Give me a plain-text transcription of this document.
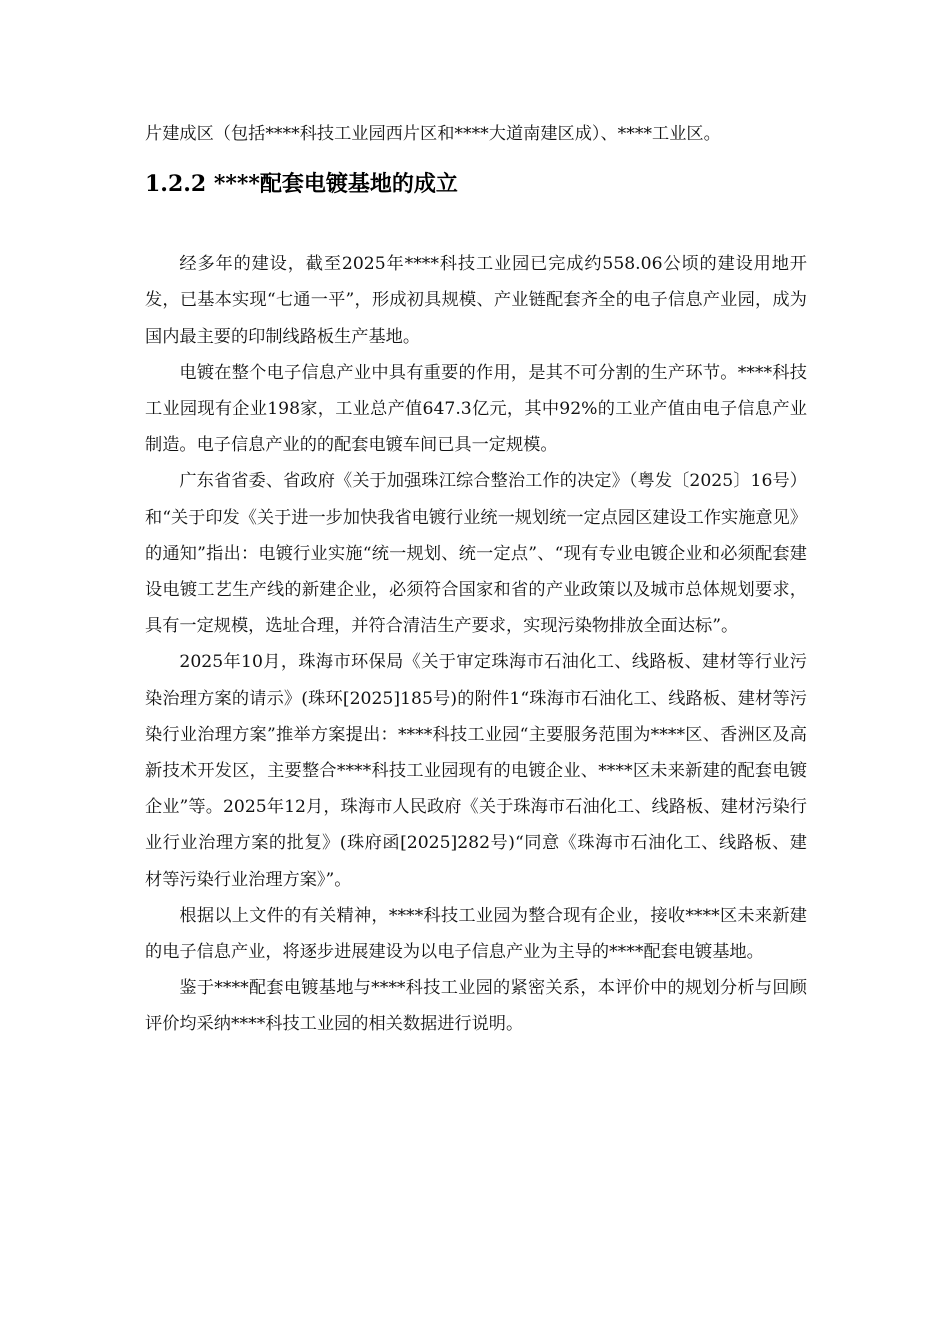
片建成区（包括****科技工业园西片区和****大道南建区成）、****工业区。

1.2.2 ****配套电镀基地的成立

经多年的建设，截至2025年****科技工业园已完成约558.06公顷的建设用地开发，已基本实现“七通一平”，形成初具规模、产业链配套齐全的电子信息产业园，成为国内最主要的印制线路板生产基地。

电镀在整个电子信息产业中具有重要的作用，是其不可分割的生产环节。****科技工业园现有企业198家，工业总产值647.3亿元，其中92%的工业产值由电子信息产业制造。电子信息产业的的配套电镀车间已具一定规模。

广东省省委、省政府《关于加强珠江综合整治工作的决定》（粤发〔2025〕16号）和“关于印发《关于进一步加快我省电镀行业统一规划统一定点园区建设工作实施意见》的通知”指出：电镀行业实施“统一规划、统一定点”、“现有专业电镀企业和必须配套建设电镀工艺生产线的新建企业，必须符合国家和省的产业政策以及城市总体规划要求，具有一定规模，选址合理，并符合清洁生产要求，实现污染物排放全面达标”。

2025年10月，珠海市环保局《关于审定珠海市石油化工、线路板、建材等行业污染治理方案的请示》(珠环[2025]185号)的附件1“珠海市石油化工、线路板、建材等污染行业治理方案”推举方案提出：****科技工业园“主要服务范围为****区、香洲区及高新技术开发区，主要整合****科技工业园现有的电镀企业、****区未来新建的配套电镀企业”等。2025年12月，珠海市人民政府《关于珠海市石油化工、线路板、建材污染行业行业治理方案的批复》(珠府函[2025]282号)“同意《珠海市石油化工、线路板、建材等污染行业治理方案》”。

根据以上文件的有关精神，****科技工业园为整合现有企业，接收****区未来新建的电子信息产业，将逐步进展建设为以电子信息产业为主导的****配套电镀基地。

鉴于****配套电镀基地与****科技工业园的紧密关系，本评价中的规划分析与回顾评价均采纳****科技工业园的相关数据进行说明。
